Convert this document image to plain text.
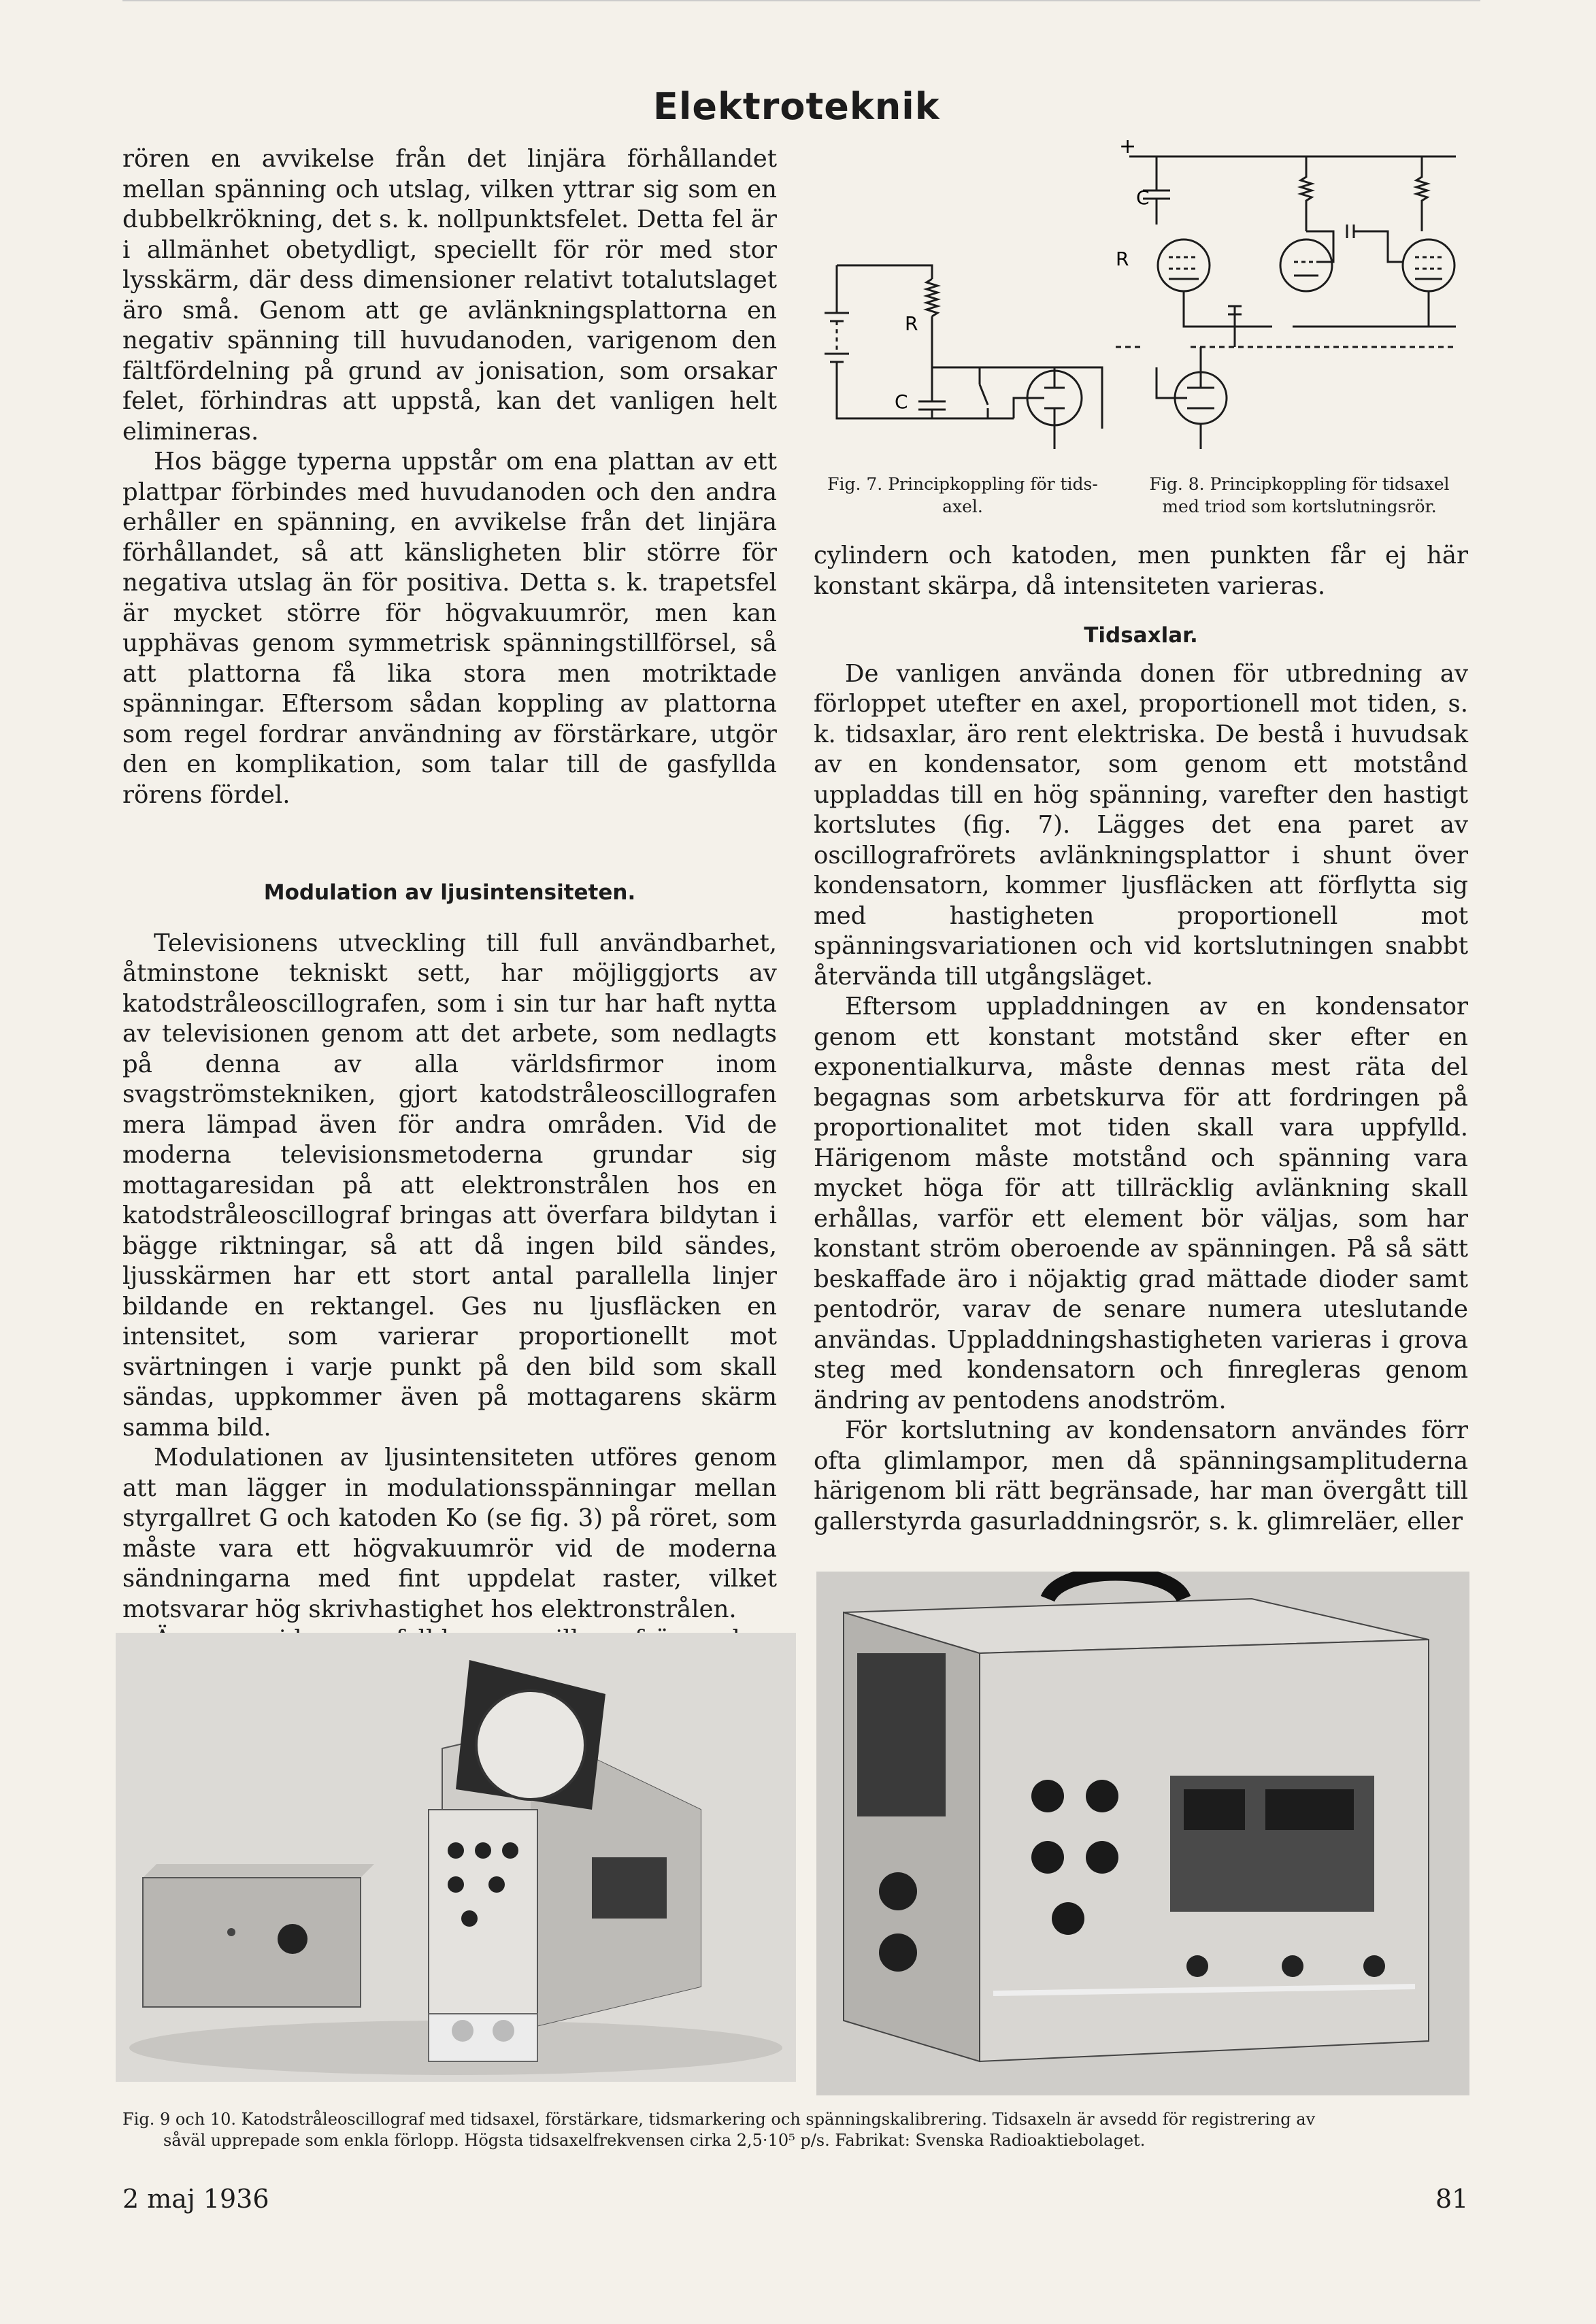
Elektroteknik

rören en avvikelse från det linjära förhållandet mellan spänning och utslag, vilken yttrar sig som en dubbelkrökning, det s. k. nollpunktsfelet. Detta fel är i allmänhet obetydligt, speciellt för rör med stor lysskärm, där dess dimensioner relativt totalutslaget äro små. Genom att ge avlänkningsplattorna en negativ spänning till huvudanoden, varigenom den fältfördelning på grund av jonisation, som orsakar felet, förhindras att uppstå, kan det vanligen helt elimineras.

Hos bägge typerna uppstår om ena plattan av ett plattpar förbindes med huvudanoden och den andra erhåller en spänning, en avvikelse från det linjära förhållandet, så att känsligheten blir större för negativa utslag än för positiva. Detta s. k. trapetsfel är mycket större för högvakuumrör, men kan upphävas genom symmetrisk spänningstillförsel, så att plattorna få lika stora men motriktade spänningar. Eftersom sådan koppling av plattorna som regel fordrar användning av förstärkare, utgör den en komplikation, som talar till de gasfyllda rörens fördel.

Modulation av ljusintensiteten.

Televisionens utveckling till full användbarhet, åtminstone tekniskt sett, har möjliggjorts av katodstråleoscillografen, som i sin tur har haft nytta av televisionen genom att det arbete, som nedlagts på denna av alla världsfirmor inom svagströmstekniken, gjort katodstråleoscillografen mera lämpad även för andra områden. Vid de moderna televisionsmetoderna grundar sig mottagaresidan på att elektronstrålen hos en katodstråleoscillograf bringas att överfara bildytan i bägge riktningar, så att då ingen bild sändes, ljusskärmen har ett stort antal parallella linjer bildande en rektangel. Ges nu ljusfläcken en intensitet, som varierar proportionellt mot svärtningen i varje punkt på den bild som skall sändas, uppkommer även på mottagarens skärm samma bild.

Modulationen av ljusintensiteten utföres genom att man lägger in modulationsspänningar mellan styrgallret G och katoden Ko (se fig. 3) på röret, som måste vara ett högvakuumrör vid de moderna sändningarna med fint uppdelat raster, vilket motsvarar hög skrivhastighet hos elektronstrålen.

R
C
Fig. 7. Principkoppling för tids-
axel.
+
C
R
Fig. 8. Principkoppling för tidsaxel
med triod som kortslutningsrör.

cylindern och katoden, men punkten får ej här konstant skärpa, då intensiteten varieras.

Tidsaxlar.

De vanligen använda donen för utbredning av förloppet utefter en axel, proportionell mot tiden, s. k. tidsaxlar, äro rent elektriska. De bestå i huvudsak av en kondensator, som genom ett motstånd uppladdas till en hög spänning, varefter den hastigt kortslutes (fig. 7). Lägges det ena paret av oscillografrörets avlänkningsplattor i shunt över kondensatorn, kommer ljusfläcken att förflytta sig med hastigheten proportionell mot spänningsvariationen och vid kortslutningen snabbt återvända till utgångsläget.

Eftersom uppladdningen av en kondensator genom ett konstant motstånd sker efter en exponentialkurva, måste dennas mest räta del begagnas som arbetskurva för att fordringen på proportionalitet mot tiden skall vara uppfylld. Härigenom måste motstånd och spänning vara mycket höga för att tillräcklig avlänkning skall erhållas, varför ett element bör väljas, som har konstant ström oberoende av spänningen. På så sätt beskaffade äro i nöjaktig grad mättade dioder samt pentodrör, varav de senare numera uteslutande användas. Uppladdningshastigheten varieras i grova steg med kondensatorn och finregleras genom ändring av pentodens anodström.

För kortslutning av kondensatorn användes förr ofta glimlampor, men då spänningsamplituderna härigenom bli rätt begränsade, har man övergått till gallerstyrda gasurladdningsrör, s. k. glimreläer, eller

Fig. 9 och 10. Katodstråleoscillograf med tidsaxel, förstärkare, tidsmarkering och spänningskalibrering. Tidsaxeln är avsedd för registrering av
såväl upprepade som enkla förlopp. Högsta tidsaxelfrekvensen cirka 2,5·10⁵ p/s. Fabrikat: Svenska Radioaktiebolaget.
2 maj 1936	81
